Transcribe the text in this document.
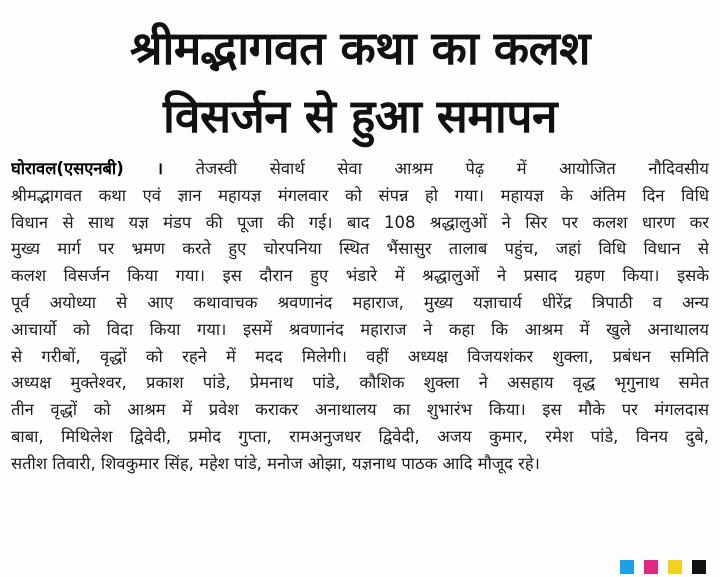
श्रीमद्भागवत कथा का कलश
विसर्जन से हुआ समापन
घोरावल(एसएनबी) । तेजस्वी सेवार्थ सेवा आश्रम पेढ़ में आयोजित नौदिवसीय
श्रीमद्भागवत कथा एवं ज्ञान महायज्ञ मंगलवार को संपन्न हो गया। महायज्ञ के अंतिम दिन विधि
विधान से साथ यज्ञ मंडप की पूजा की गई। बाद 108 श्रद्धालुओं ने सिर पर कलश धारण कर
मुख्य मार्ग पर भ्रमण करते हुए चोरपनिया स्थित भैंसासुर तालाब पहुंच, जहां विधि विधान से
कलश विसर्जन किया गया। इस दौरान हुए भंडारे में श्रद्धालुओं ने प्रसाद ग्रहण किया। इसके
पूर्व अयोध्या से आए कथावाचक श्रवणानंद महाराज, मुख्य यज्ञाचार्य धीरेंद्र त्रिपाठी व अन्य
आचार्यो को विदा किया गया। इसमें श्रवणानंद महाराज ने कहा कि आश्रम में खुले अनाथालय
से गरीबों, वृद्धों को रहने में मदद मिलेगी। वहीं अध्यक्ष विजयशंकर शुक्ला, प्रबंधन समिति
अध्यक्ष मुक्तेश्वर, प्रकाश पांडे, प्रेमनाथ पांडे, कौशिक शुक्ला ने असहाय वृद्ध भृगुनाथ समेत
तीन वृद्धों को आश्रम में प्रवेश कराकर अनाथालय का शुभारंभ किया। इस मौके पर मंगलदास
बाबा, मिथिलेश द्विवेदी, प्रमोद गुप्ता, रामअनुजधर द्विवेदी, अजय कुमार, रमेश पांडे, विनय दुबे,
सतीश तिवारी, शिवकुमार सिंह, महेश पांडे, मनोज ओझा, यज्ञनाथ पाठक आदि मौजूद रहे।
